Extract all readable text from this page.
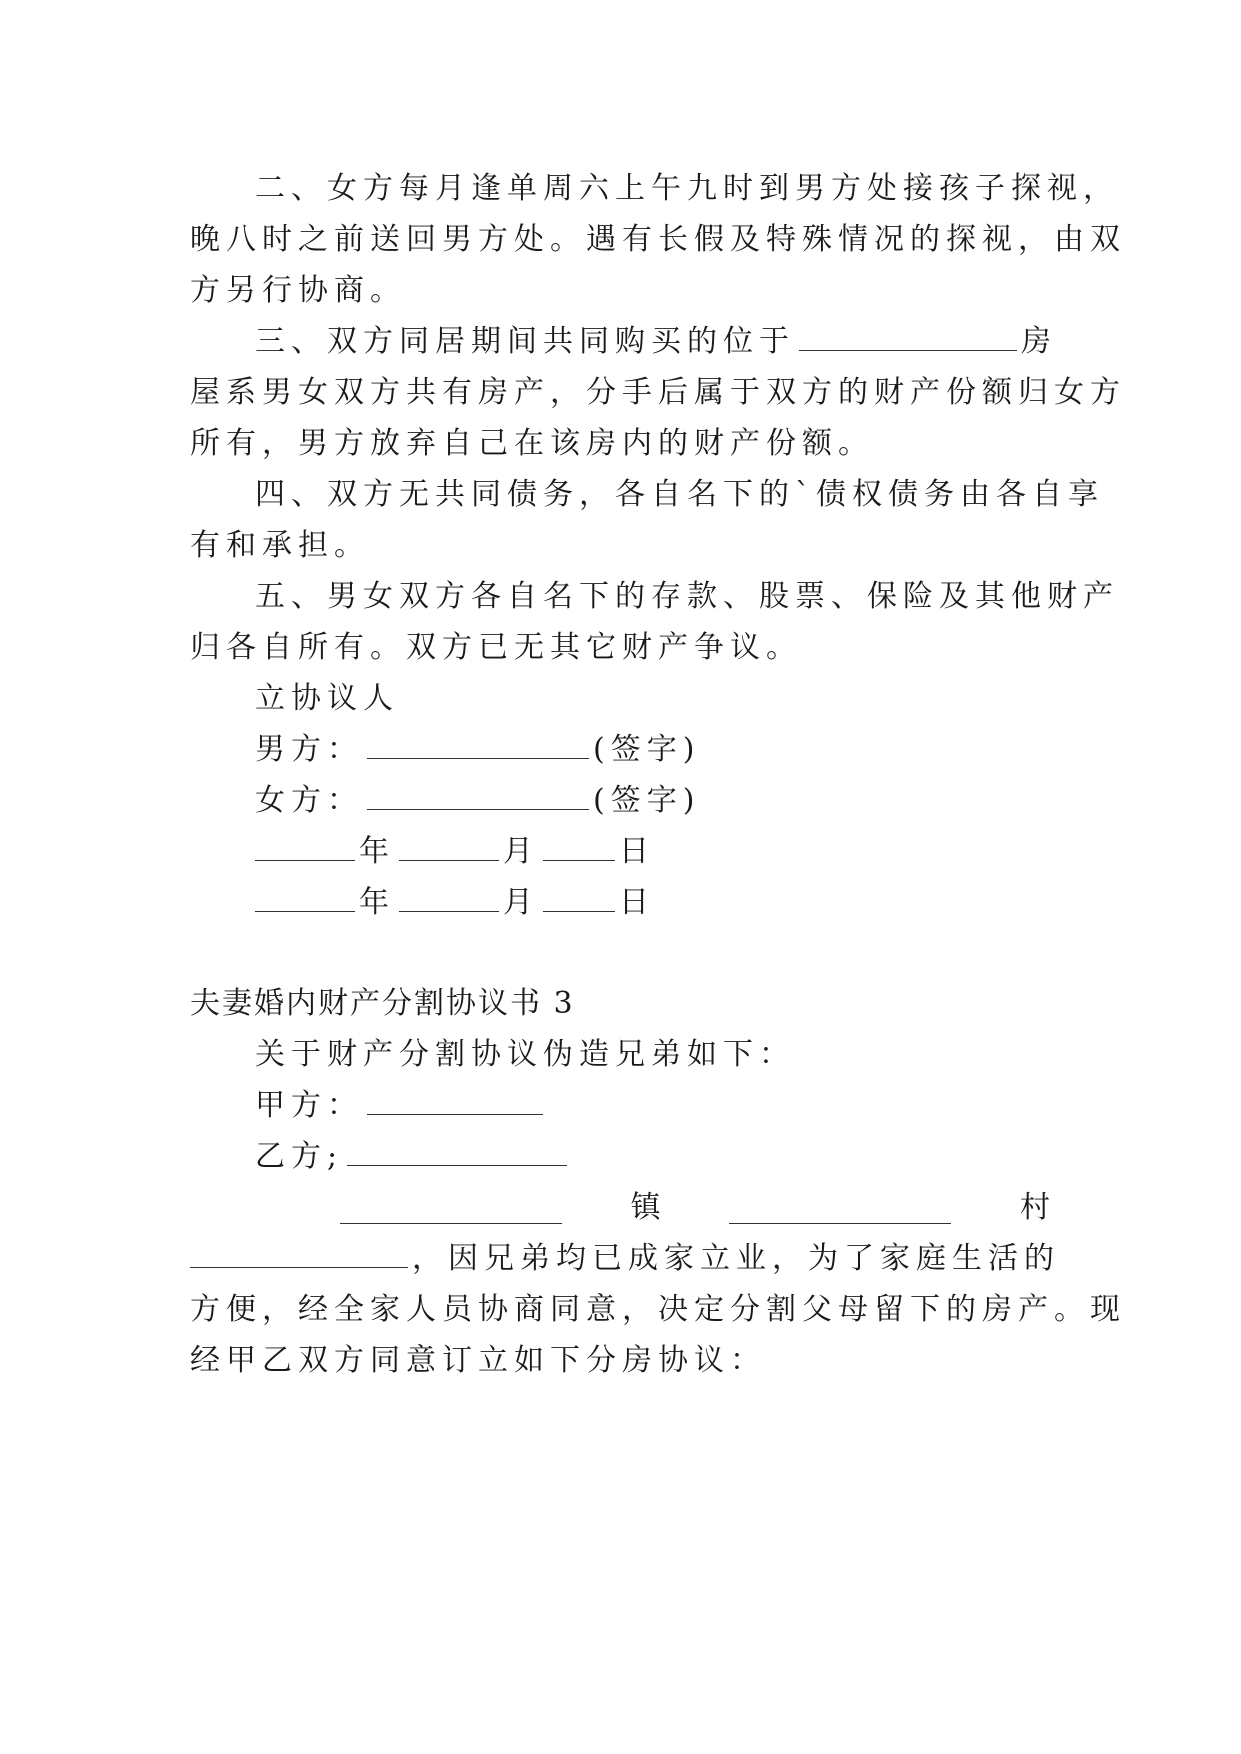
二、女方每月逢单周六上午九时到男方处接孩子探视，
晚八时之前送回男方处。遇有长假及特殊情况的探视，由双
方另行协商。
三、双方同居期间共同购买的位于	房
屋系男女双方共有房产，分手后属于双方的财产份额归女方
所有，男方放弃自己在该房内的财产份额。
四、双方无共同债务，各自名下的`债权债务由各自享
有和承担。
五、男女双方各自名下的存款、股票、保险及其他财产
归各自所有。双方已无其它财产争议。
立协议人
男方：	(签字)
女方：	(签字)
年	月	日
年	月	日
夫妻婚内财产分割协议书 3
关于财产分割协议伪造兄弟如下：
甲方：
乙方;
镇	村
，因兄弟均已成家立业，为了家庭生活的
方便，经全家人员协商同意，决定分割父母留下的房产。现
经甲乙双方同意订立如下分房协议：
